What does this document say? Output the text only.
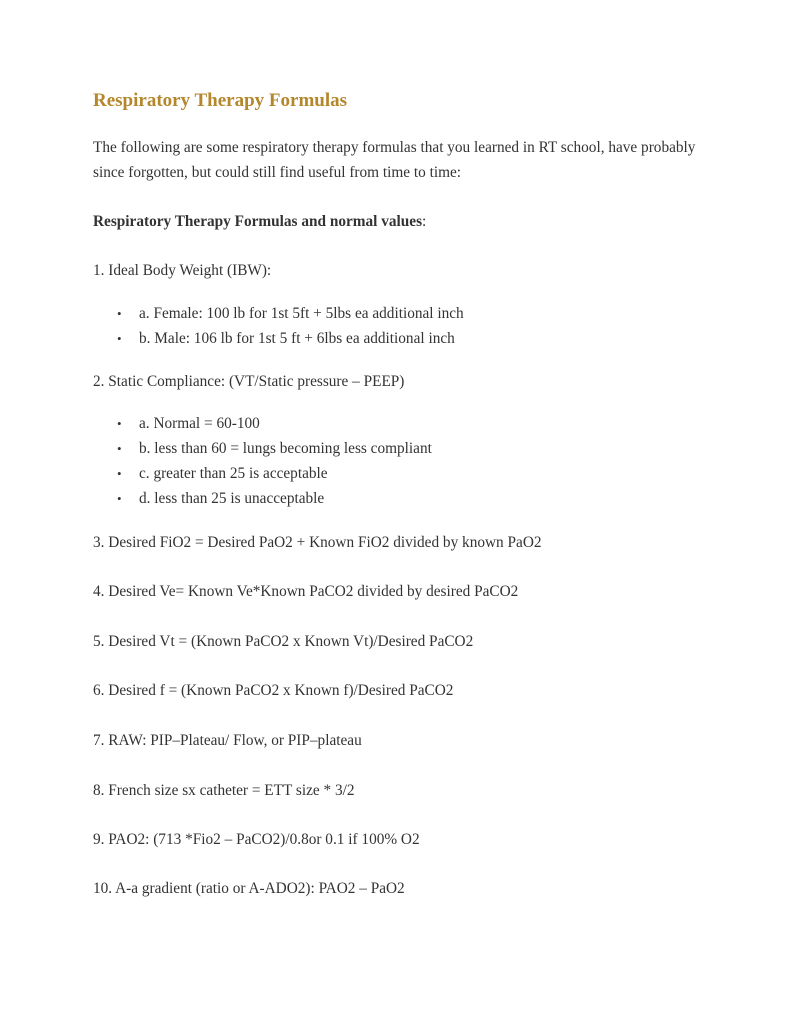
Respiratory Therapy Formulas

The following are some respiratory therapy formulas that you learned in RT school, have probably since forgotten, but could still find useful from time to time:

Respiratory Therapy Formulas and normal values:

1. Ideal Body Weight (IBW):

• a. Female: 100 lb for 1st 5ft + 5lbs ea additional inch
• b. Male: 106 lb for 1st 5 ft + 6lbs ea additional inch

2. Static Compliance: (VT/Static pressure – PEEP)

• a. Normal = 60-100
• b. less than 60 = lungs becoming less compliant
• c. greater than 25 is acceptable
• d. less than 25 is unacceptable

3. Desired FiO2 = Desired PaO2 + Known FiO2 divided by known PaO2

4. Desired Ve= Known Ve*Known PaCO2 divided by desired PaCO2

5. Desired Vt = (Known PaCO2 x Known Vt)/Desired PaCO2

6. Desired f = (Known PaCO2 x Known f)/Desired PaCO2

7. RAW: PIP–Plateau/ Flow, or PIP–plateau

8. French size sx catheter = ETT size * 3/2

9. PAO2: (713 *Fio2 – PaCO2)/0.8or 0.1 if 100% O2

10. A-a gradient (ratio or A-ADO2): PAO2 – PaO2
